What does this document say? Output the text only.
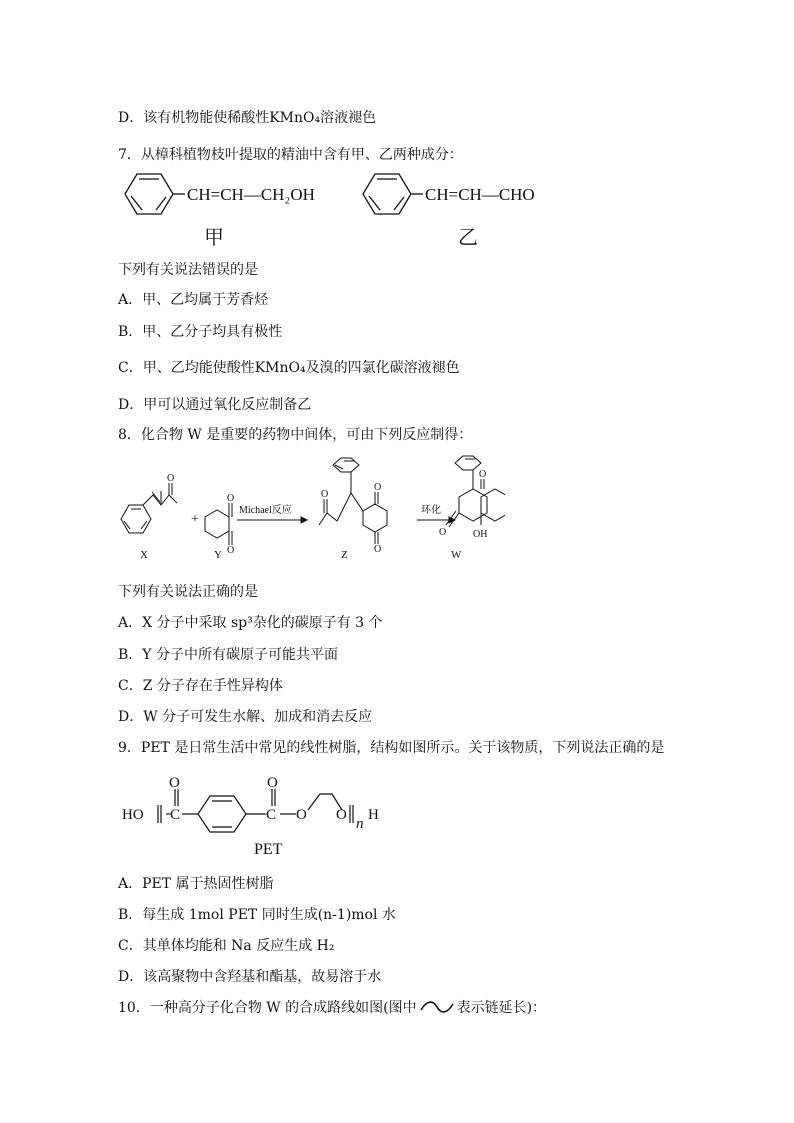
D．该有机物能使稀酸性KMnO₄溶液褪色
7．从樟科植物枝叶提取的精油中含有甲、乙两种成分：
CH=CH—CH₂OH
甲
CH=CH—CHO
乙
下列有关说法错误的是
A．甲、乙均属于芳香烃
B．甲、乙分子均具有极性
C．甲、乙均能使酸性KMnO₄及溴的四氯化碳溶液褪色
D．甲可以通过氧化反应制备乙
8．化合物 W 是重要的药物中间体，可由下列反应制得：
O
O
O
O
O
O
O
O
+
Michael反应	环化
OH
X	Y	Z	W
下列有关说法正确的是
A．X 分子中采取 sp³杂化的碳原子有 3 个
B．Y 分子中所有碳原子可能共平面
C．Z 分子存在手性异构体
D．W 分子可发生水解、加成和消去反应
9．PET 是日常生活中常见的线性树脂，结构如图所示。关于该物质，下列说法正确的是
HO
O
C
O
C O O
n
H
PET
A．PET 属于热固性树脂
B．每生成 1mol PET 同时生成(n-1)mol 水
C．其单体均能和 Na 反应生成 H₂
D．该高聚物中含羟基和酯基，故易溶于水
10．一种高分子化合物 W 的合成路线如图(图中	表示链延长)：
